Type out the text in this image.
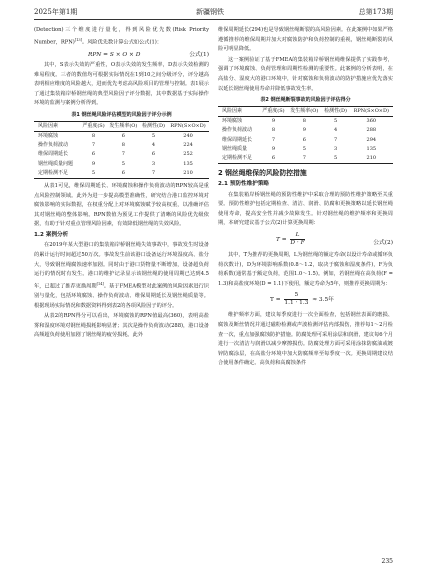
2025年第1期	新疆钢铁	总第173期

(Detection)三个维度进行量化，得到风险优先数(Risk Priority Number，RPN)[13]。风险优先数计算公式如公式(1)：

RPN = S × O × D	公式(1)

其中，S表示失效的严重性，O表示失效的发生频率，D表示失效检测的难易程度。三者的数值均可根据实际情况在1到10之间分级评分，评分越高表明相应维度的风险越大，进而优先考虑高风险项目的管理与控制。表1展示了通过集装箱岸桥钢丝绳的典型风险因子评分数据，其中数据基于实际操作环境的监测与案例分析得到。

表1 钢丝绳风险评估模型的风险因子评分示例
风险因素	严重度(S)	发生频率(O)	检测性(D)	RPN(S×O×D)
环境腐蚀	8	6	5	240
操作负荷波动	7	8	4	224
维保周期延长	6	7	6	252
钢丝绳质量问题	9	5	3	135
定期检测不足	5	6	7	210

从表1可见，维保周期延长、环境腐蚀和操作负荷波动的RPN较高是重点风险控制领域。此外为进一步提高模型准确性，研究结合港口监控环境对腐蚀影响的实际数据，在权重分配上对环境腐蚀赋予较高权重，以准确评估其对钢丝绳的整体影响。RPN数值为预见工作提供了清晰的风险优先级依据，有助于针对重点管理风险因素，有效降低钢丝绳的失效风险。

1.2 案例分析

在2019年某大型港口的集装箱岸桥钢丝绳失效事故中，事故发生时设备的累计运行时间超过50万次。事故发生前该港口设备运行环境湿度高、盐分大，导致钢丝绳腐蚀速率加剧。同时由于港口货物量不断增加，设备超负荷运行的情况时有发生。港口的维护记录显示该钢丝绳的使用周期已达到4.5年，已超过了推荐更换周期[14]。基于FMEA模型对此案例的风险因素进行识别与量化，包括环境腐蚀、操作负荷波动、维保周期延长及钢丝绳质量等。根据现场实际情况和数据资料得到表2的各项风险因子的评分。

从表2的RPN得分可以看出，环境腐蚀的RPN值最高(360)，表明高盐雾和湿度环境对钢丝绳损耗影响显著；其次是操作负荷波动(288)，港口设备高频超负荷使用加剧了钢丝绳的疲劳损耗。此外

维保周期延长(294)也是导致钢丝绳断裂的高风险因素。在此案例中如果严格遵循推荐的维保周期并加大对腐蚀防护和负荷控制的重视，钢丝绳断裂的风险可明显降低。

这一案例验证了基于FMEA的集装箱岸桥钢丝绳维保提供了实践参考，强调了环境腐蚀、负荷管理和周期性检测的重要性。此案例的分析表明，在高盐分、湿度大的港口环境中，针对腐蚀和负荷波动的防护措施应优先落实以延长钢丝绳使用寿命并降低事故发生率。

表2 钢丝绳断裂事故的风险因子评估得分
风险因素	严重度(S)	发生频率(O)	检测性(D)	RPN(S×O×D)
环境腐蚀	9	8	5	360
操作负荷波动	8	9	4	288
维保周期延长	7	6	7	294
钢丝绳质量	9	5	3	135
定期检测不足	6	7	5	210
2 钢丝绳维保的风险防控措施
2.1 预防性维护策略

在集装箱岸桥钢丝绳的预防性维护中采取合理的预防性维护策略至关重要。预防性维护包括定期检查、清洁、润滑、防腐和更换策略以延长钢丝绳使用寿命，提高安全性并减少故障发生。针对钢丝绳的维护频率和更换周期，本研究建议基于公式(2)计算更换周期：

$T = \frac{L}{D \cdot F}$	公式(2)

其中，T为推荐的更换周期，L为钢丝绳的额定寿命(以设计寿命或循环负荷次数计)，D为环境影响系数(0.8～1.2，取决于腐蚀和湿度条件)，F为负荷系数(通常基于额定负荷，范围1.0～1.5)。例如，若钢丝绳在高负荷(F = 1.3)和高盐度环境(D = 1.1)下使用，额定寿命为5年，则推荐更换周期为：

$T = \frac{5}{1.1 \cdot 1.3} \approx 3.5$年

维护频率方面，建议每季度进行一次全面检查，包括钢丝表面的磨损、腐蚀及断丝情况并通过磁粉检测或声波检测评估内部损伤，推荐每1～2月检查一次，重点加强腐蚀防护措施。防腐处理可采用涂层和润滑，建议每6个月进行一次清洁与润滑以减少摩擦损伤。防腐处理方面可采用涂抹防腐油或镀锌防腐涂层，在高盐分环境中加大防腐频率至每季度一次。更换周期建议结合使用条件确定。高负荷和高腐蚀条件

235
